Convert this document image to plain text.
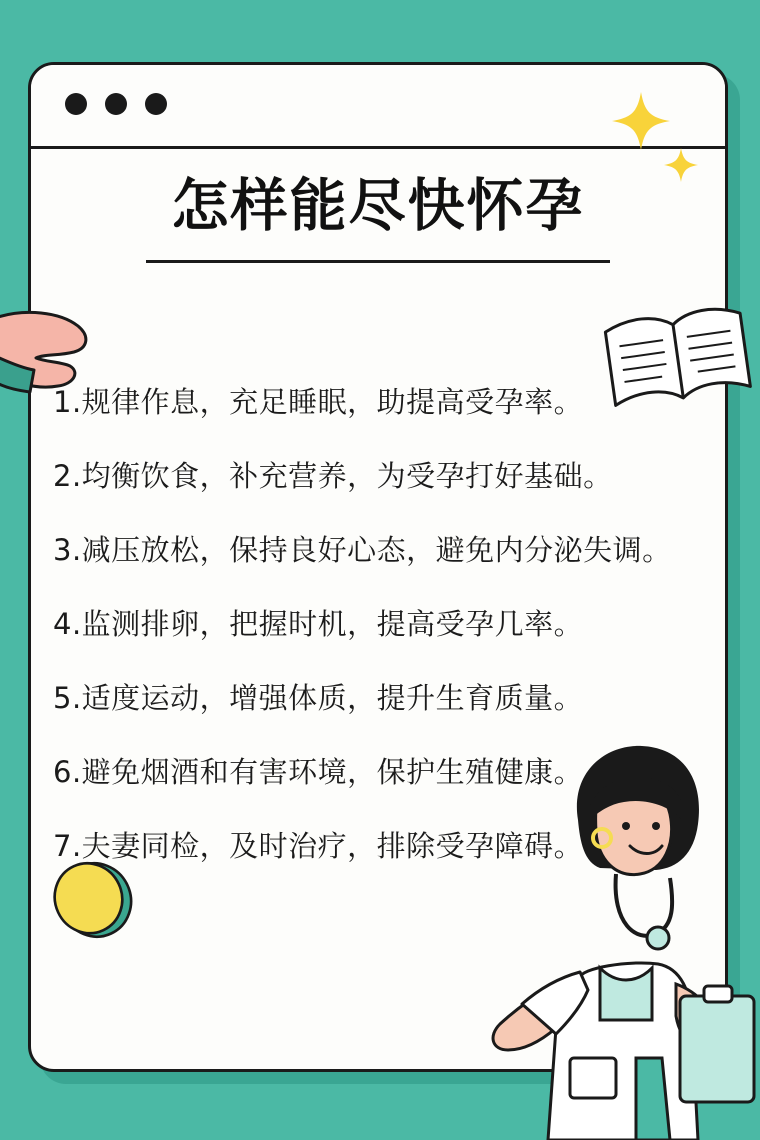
怎样能尽快怀孕
1.规律作息，充足睡眠，助提高受孕率。
2.均衡饮食，补充营养，为受孕打好基础。
3.减压放松，保持良好心态，避免内分泌失调。
4.监测排卵，把握时机，提高受孕几率。
5.适度运动，增强体质，提升生育质量。
6.避免烟酒和有害环境，保护生殖健康。
7.夫妻同检，及时治疗，排除受孕障碍。
